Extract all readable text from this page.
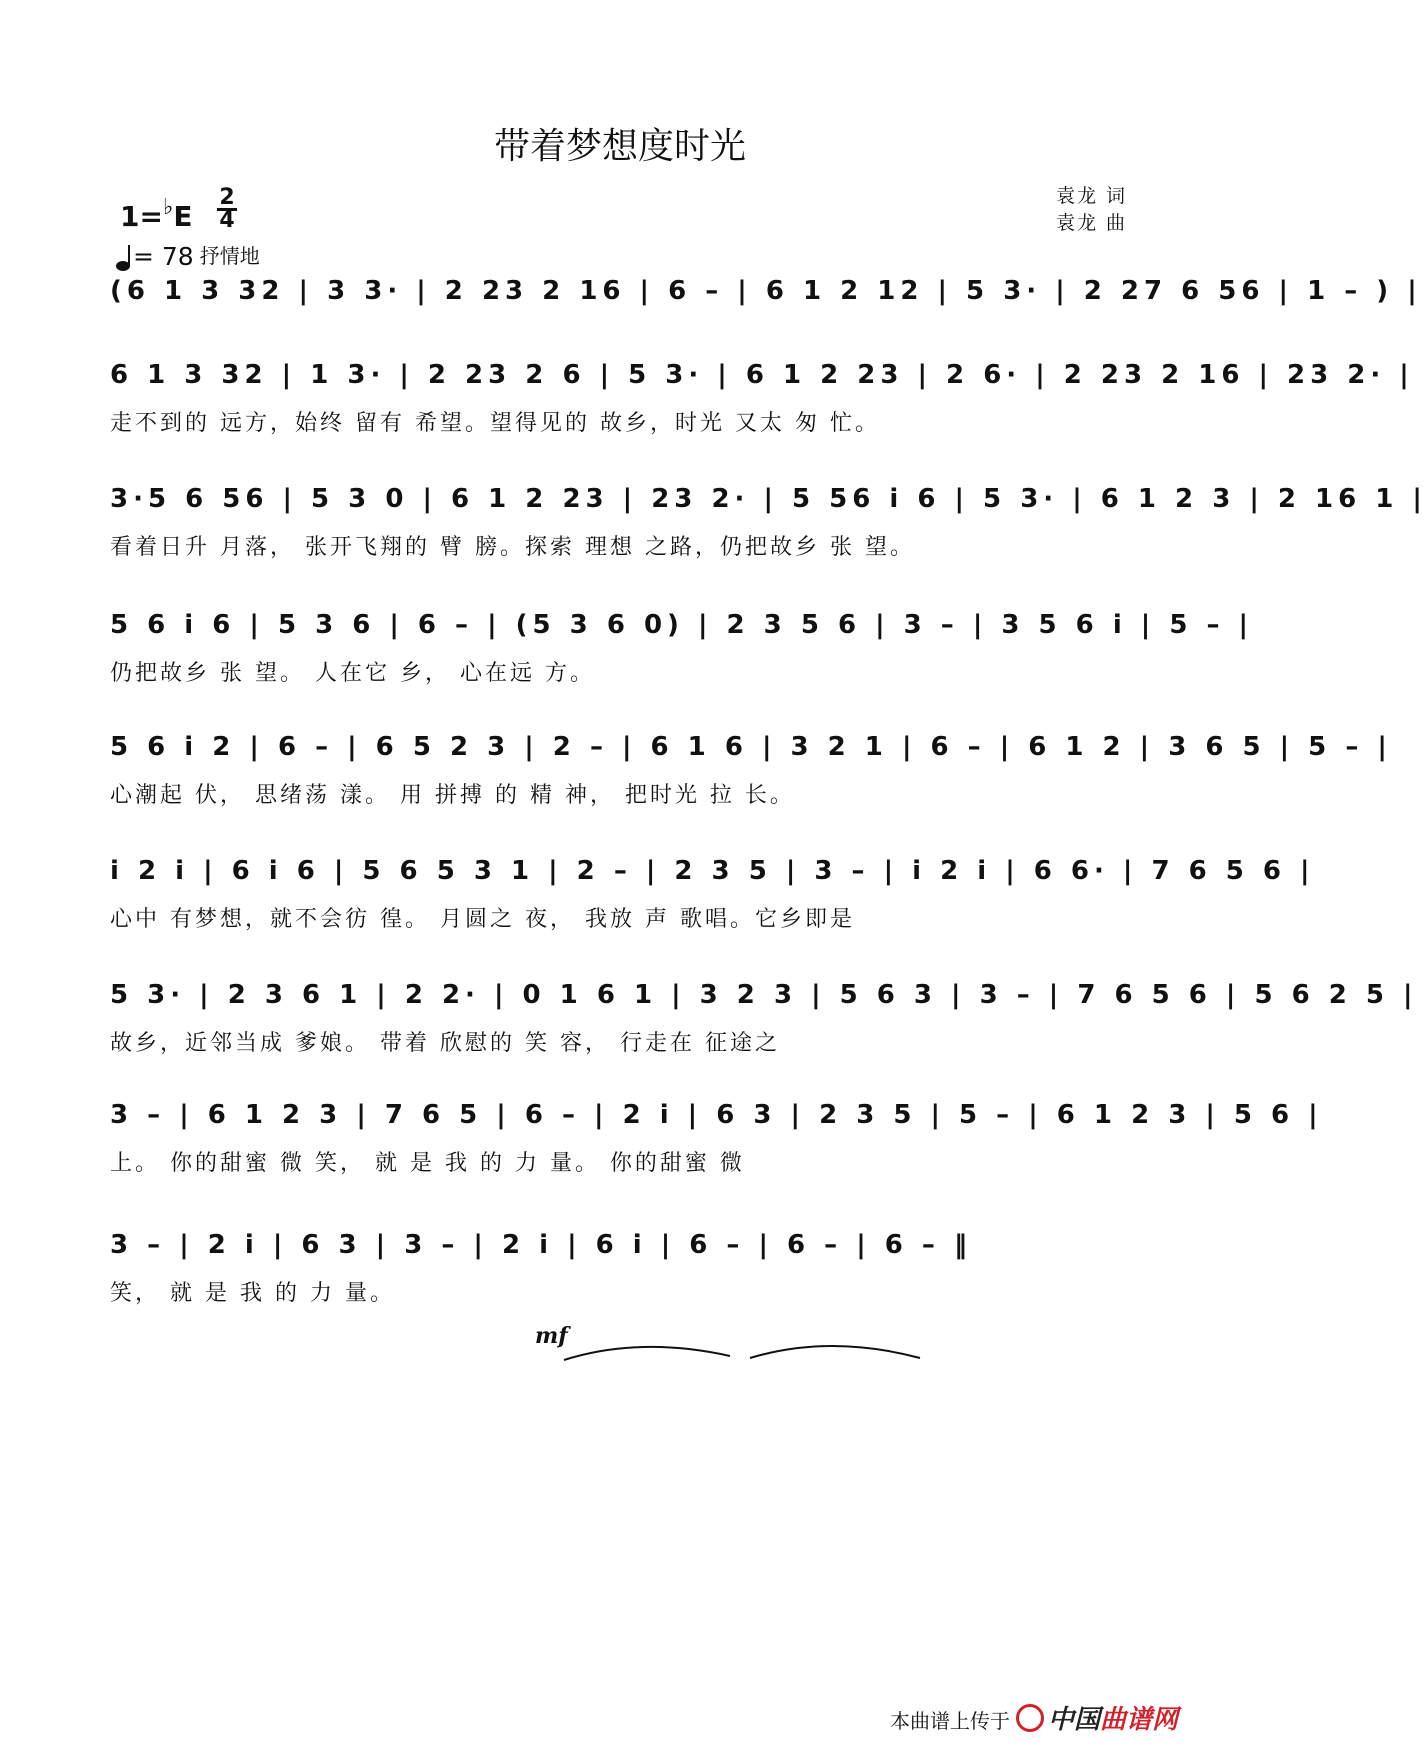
带着梦想度时光
袁龙 词
袁龙 曲
1=♭E
2
4
= 78 抒情地
(6 1 3 32 | 3 3· | 2 23 2 16 | 6 – | 6 1 2 12 | 5 3· | 2 27 6 56 | 1 – ) |
6 1 3 32 | 1 3· | 2 23 2 6 | 5 3· | 6 1 2 23 | 2 6· | 2 23 2 16 | 23 2· |
走不到的 远方，始终 留有 希望。望得见的 故乡，时光 又太 匆 忙。
3·5 6 56 | 5 3 0 | 6 1 2 23 | 23 2· | 5 56 i 6 | 5 3· | 6 1 2 3 | 2 16 1 |
看着日升 月落， 张开飞翔的 臂 膀。探索 理想 之路，仍把故乡 张 望。
5 6 i 6 | 5 3 6 | 6 – | (5 3 6 0) | 2 3 5 6 | 3 – | 3 5 6 i | 5 – |
仍把故乡 张 望。 人在它 乡， 心在远 方。
5 6 i 2 | 6 – | 6 5 2 3 | 2 – | 6 1 6 | 3 2 1 | 6 – | 6 1 2 | 3 6 5 | 5 – |
心潮起 伏， 思绪荡 漾。 用 拼搏 的 精 神， 把时光 拉 长。
i 2 i | 6 i 6 | 5 6 5 3 1 | 2 – | 2 3 5 | 3 – | i 2 i | 6 6· | 7 6 5 6 |
心中 有梦想，就不会彷 徨。 月圆之 夜， 我放 声 歌唱。它乡即是
5 3· | 2 3 6 1 | 2 2· | 0 1 6 1 | 3 2 3 | 5 6 3 | 3 – | 7 6 5 6 | 5 6 2 5 |
故乡，近邻当成 爹娘。 带着 欣慰的 笑 容， 行走在 征途之
3 – | 6 1 2 3 | 7 6 5 | 6 – | 2 i | 6 3 | 2 3 5 | 5 – | 6 1 2 3 | 5 6 |
上。 你的甜蜜 微 笑， 就 是 我 的 力 量。 你的甜蜜 微
mf
3 – | 2 i | 6 3 | 3 – | 2 i | 6 i | 6 – | 6 – | 6 – ‖
笑， 就 是 我 的 力 量。
本曲谱上传于 中国曲谱网
